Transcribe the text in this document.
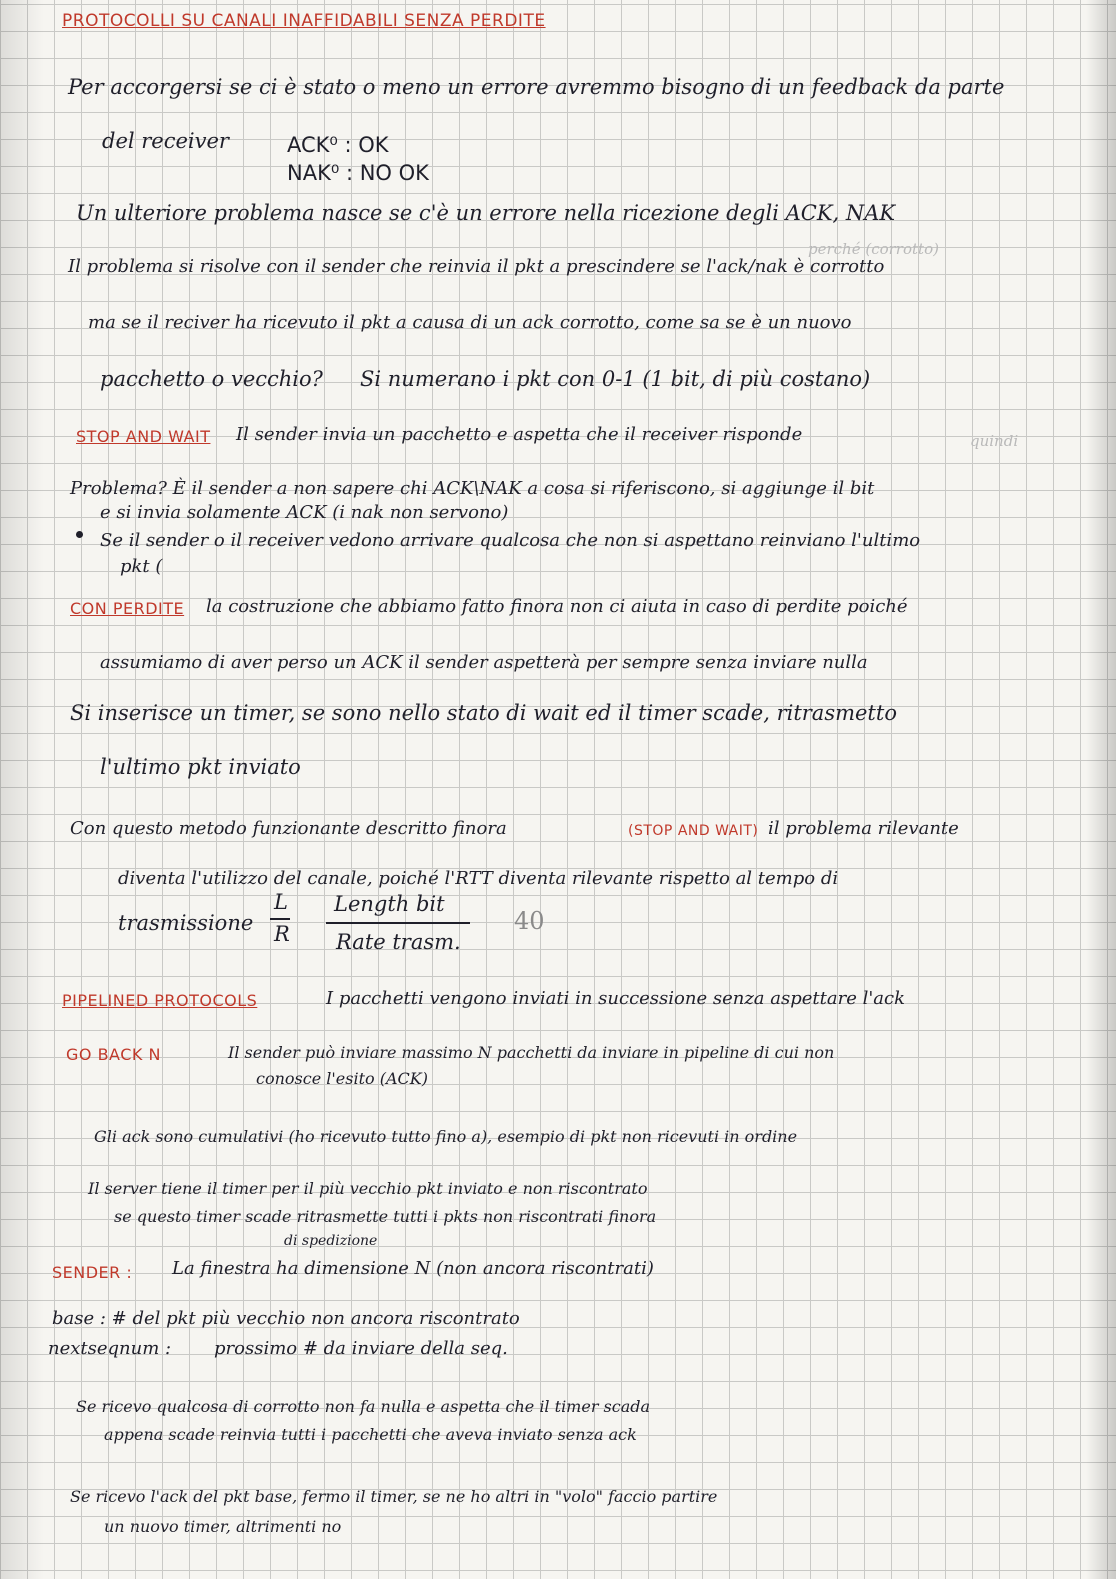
PROTOCOLLI SU CANALI INAFFIDABILI SENZA PERDITE
Per accorgersi se ci è stato o meno un errore avremmo bisogno di un feedback da parte
del receiver	ACK⁰ : OK
NAK⁰ : NO OK
Un ulteriore problema nasce se c'è un errore nella ricezione degli ACK, NAK
perché (corrotto)
Il problema si risolve con il sender che reinvia il pkt a prescindere se l'ack/nak è corrotto
ma se il reciver ha ricevuto il pkt a causa di un ack corrotto, come sa se è un nuovo
pacchetto o vecchio? Si numerano i pkt con 0-1 (1 bit, di più costano)
STOP AND WAIT Il sender invia un pacchetto e aspetta che il receiver risponde	quindi
Problema? È il sender a non sapere chi ACK\NAK a cosa si riferiscono, si aggiunge il bit
e si invia solamente ACK (i nak non servono)
Se il sender o il receiver vedono arrivare qualcosa che non si aspettano reinviano l'ultimo
pkt (
CON PERDITE la costruzione che abbiamo fatto finora non ci aiuta in caso di perdite poiché
assumiamo di aver perso un ACK il sender aspetterà per sempre senza inviare nulla
Si inserisce un timer, se sono nello stato di wait ed il timer scade, ritrasmetto
l'ultimo pkt inviato
Con questo metodo funzionante descritto finora	(STOP AND WAIT) il problema rilevante
diventa l'utilizzo del canale, poiché l'RTT diventa rilevante rispetto al tempo di
trasmissione
L
R
Length bit
Rate trasm.
40
PIPELINED PROTOCOLS	I pacchetti vengono inviati in successione senza aspettare l'ack
GO BACK N	Il sender può inviare massimo N pacchetti da inviare in pipeline di cui non
conosce l'esito (ACK)
Gli ack sono cumulativi (ho ricevuto tutto fino a), esempio di pkt non ricevuti in ordine
Il server tiene il timer per il più vecchio pkt inviato e non riscontrato
se questo timer scade ritrasmette tutti i pkts non riscontrati finora
di spedizione
SENDER : La finestra ha dimensione N (non ancora riscontrati)
base : # del pkt più vecchio non ancora riscontrato
nextseqnum : prossimo # da inviare della seq.
Se ricevo qualcosa di corrotto non fa nulla e aspetta che il timer scada
appena scade reinvia tutti i pacchetti che aveva inviato senza ack
Se ricevo l'ack del pkt base, fermo il timer, se ne ho altri in "volo" faccio partire
un nuovo timer, altrimenti no
